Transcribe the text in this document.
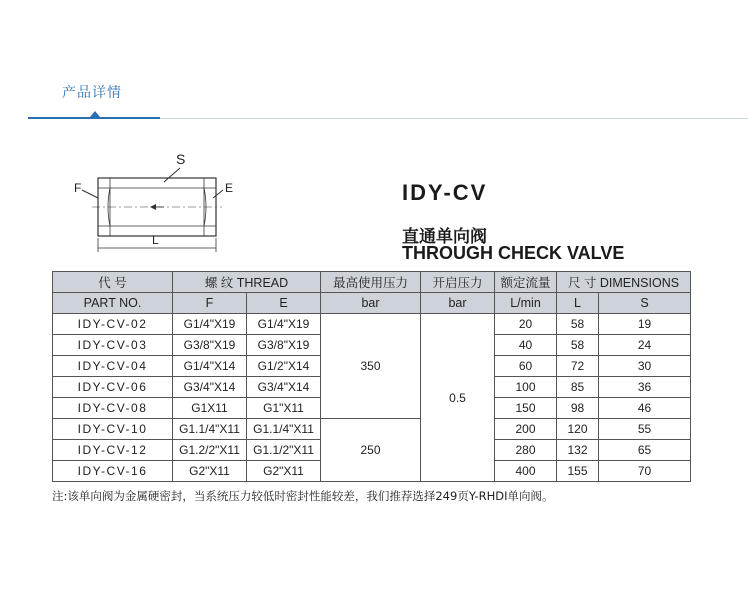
产品详情
S
F	E
L
IDY-CV
直通单向阀
THROUGH CHECK VALVE
代 号	螺 纹 THREAD		最高使用压力	开启压力	额定流量	尺 寸 DIMENSIONS	
PART NO.	F	E	bar	bar	L/min	L	S
IDY-CV-02	G1/4"X19	G1/4"X19	350	0.5	20	58	19
IDY-CV-03	G3/8"X19	G3/8"X19			40	58	24
IDY-CV-04	G1/4"X14	G1/2"X14			60	72	30
IDY-CV-06	G3/4"X14	G3/4"X14			100	85	36
IDY-CV-08	G1X11	G1"X11			150	98	46
IDY-CV-10	G1.1/4"X11	G1.1/4"X11	250		200	120	55
IDY-CV-12	G1.2/2"X11	G1.1/2"X11			280	132	65
IDY-CV-16	G2"X11	G2"X11			400	155	70
注:该单向阀为金属硬密封，当系统压力较低时密封性能较差，我们推荐选择249页Y-RHDI单向阀。
